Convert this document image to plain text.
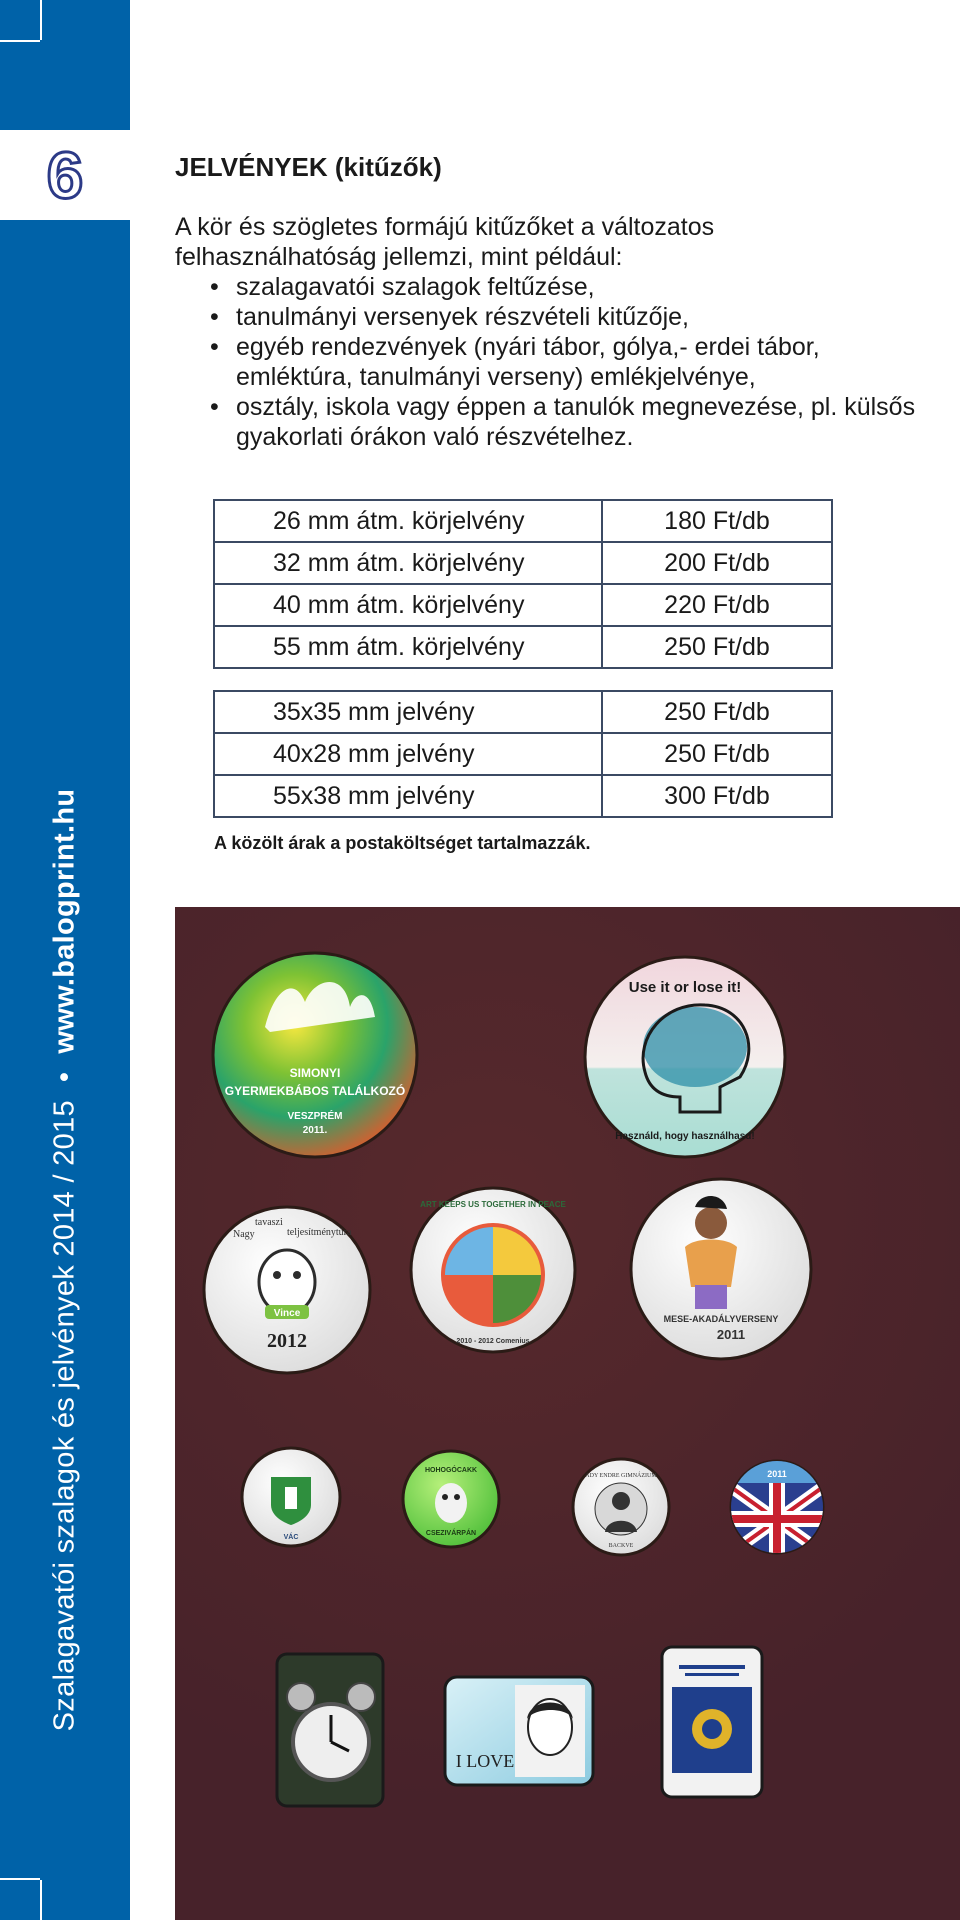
6
Szalagavatói szalagok és jelvények 2014 / 2015•www.balogprint.hu
JELVÉNYEK (kitűzők)

A kör és szögletes formájú kitűzőket a változatos felhasználhatóság jellemzi, mint például:

• szalagavatói szalagok feltűzése,
• tanulmányi versenyek részvételi kitűzője,
• egyéb rendezvények (nyári tábor, gólya,- erdei tábor, emléktúra, tanulmányi verseny) emlékjelvénye,
• osztály, iskola vagy éppen a tanulók megnevezése, pl. külsős gyakorlati órákon való részvételhez.
26 mm átm. körjelvény	180 Ft/db
32 mm átm. körjelvény	200 Ft/db
40 mm átm. körjelvény	220 Ft/db
55 mm átm. körjelvény	250 Ft/db
35x35 mm jelvény	250 Ft/db
40x28 mm jelvény	250 Ft/db
55x38 mm jelvény	300 Ft/db

A közölt árak a postaköltséget tartalmazzák.

SIMONYI
GYERMEKBÁBOS TALÁLKOZÓ
VESZPRÉM
2011.
Use it or lose it!
Használd, hogy használhasd!
Nagy
tavaszi
teljesítménytúra
Vince
2012
ART KEEPS US TOGETHER IN PEACE
2010 - 2012 Comenius
MESE-AKADÁLYVERSENY
2011
VÁC
HOHOGÓCAKK
CSEZIVÁRPÁN
ADY ENDRE GIMNÁZIUM
BACKVE
2011
I LOVE
